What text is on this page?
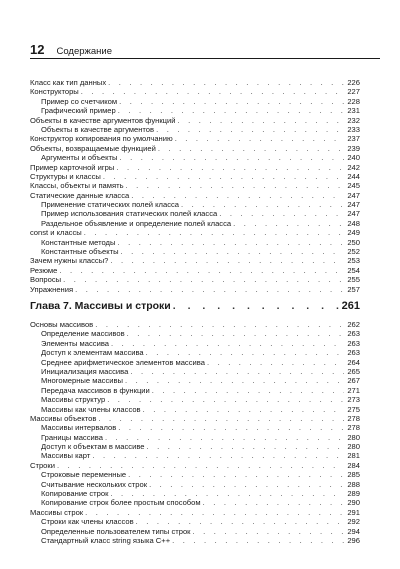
12 Содержание
Класс как тип данных . . .	226
Конструкторы . . .	227
Пример со счетчиком . . .	228
Графический пример . . .	231
Объекты в качестве аргументов функций . . .	232
Объекты в качестве аргументов . . .	233
Конструктор копирования по умолчанию . . .	237
Объекты, возвращаемые функцией . . .	239
Аргументы и объекты . . .	240
Пример карточной игры . . .	242
Структуры и классы . . .	244
Классы, объекты и память . . .	245
Статические данные класса . . .	247
Применение статических полей класса . . .	247
Пример использования статических полей класса . . .	247
Раздельное объявление и определение полей класса . . .	248
const и классы . . .	249
Константные методы . . .	250
Константные объекты . . .	252
Зачем нужны классы? . . .	253
Резюме . . .	254
Вопросы . . .	255
Упражнения . . .	257
Глава 7. Массивы и строки . . .	261
Основы массивов . . .	262
Определение массивов . . .	263
Элементы массива . . .	263
Доступ к элементам массива . . .	263
Среднее арифметическое элементов массива . . .	264
Инициализация массива . . .	265
Многомерные массивы . . .	267
Передача массивов в функции . . .	271
Массивы структур . . .	273
Массивы как члены классов . . .	275
Массивы объектов . . .	278
Массивы интервалов . . .	278
Границы массива . . .	280
Доступ к объектам в массиве . . .	280
Массивы карт . . .	281
Строки . . .	284
Строковые переменные . . .	285
Считывание нескольких строк . . .	288
Копирование строк . . .	289
Копирование строк более простым способом . . .	290
Массивы строк . . .	291
Строки как члены классов . . .	292
Определенные пользователем типы строк . . .	294
Стандартный класс string языка C++ . . .	296
